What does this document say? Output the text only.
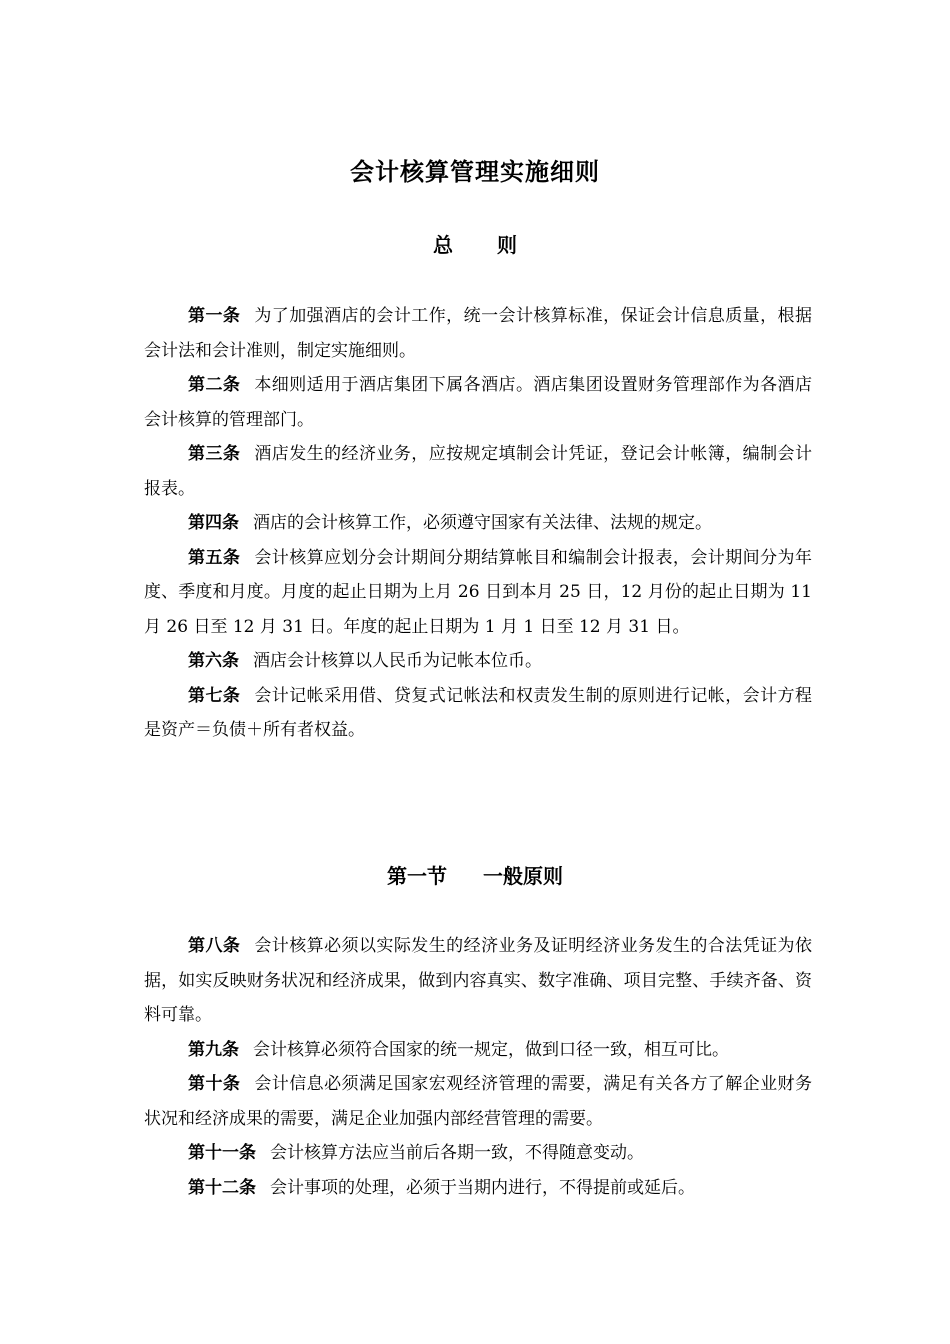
会计核算管理实施细则
总 则

第一条 为了加强酒店的会计工作，统一会计核算标准，保证会计信息质量，根据会计法和会计准则，制定实施细则。

第二条 本细则适用于酒店集团下属各酒店。酒店集团设置财务管理部作为各酒店会计核算的管理部门。

第三条 酒店发生的经济业务，应按规定填制会计凭证，登记会计帐簿，编制会计报表。

第四条 酒店的会计核算工作，必须遵守国家有关法律、法规的规定。

第五条 会计核算应划分会计期间分期结算帐目和编制会计报表，会计期间分为年度、季度和月度。月度的起止日期为上月 26 日到本月 25 日，12 月份的起止日期为 11 月 26 日至 12 月 31 日。年度的起止日期为 1 月 1 日至 12 月 31 日。

第六条 酒店会计核算以人民币为记帐本位币。

第七条 会计记帐采用借、贷复式记帐法和权责发生制的原则进行记帐，会计方程是资产＝负债＋所有者权益。

第一节 一般原则

第八条 会计核算必须以实际发生的经济业务及证明经济业务发生的合法凭证为依据，如实反映财务状况和经济成果，做到内容真实、数字准确、项目完整、手续齐备、资料可靠。

第九条 会计核算必须符合国家的统一规定，做到口径一致，相互可比。

第十条 会计信息必须满足国家宏观经济管理的需要，满足有关各方了解企业财务状况和经济成果的需要，满足企业加强内部经营管理的需要。

第十一条 会计核算方法应当前后各期一致，不得随意变动。

第十二条 会计事项的处理，必须于当期内进行，不得提前或延后。
